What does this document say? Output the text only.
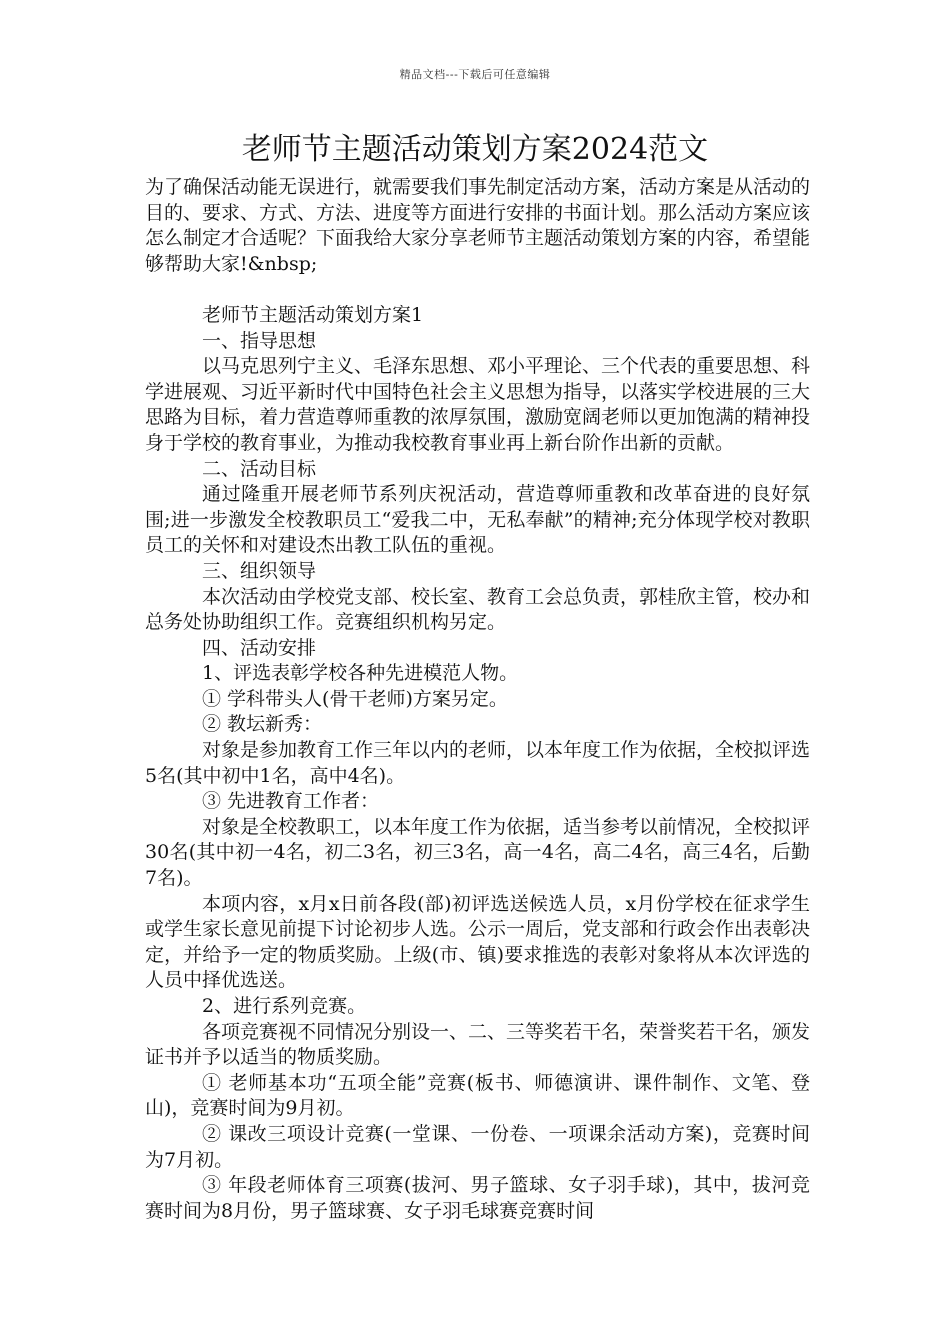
精品文档---下载后可任意编辑
老师节主题活动策划方案2024范文

为了确保活动能无误进行，就需要我们事先制定活动方案，活动方案是从活动的目的、要求、方式、方法、进度等方面进行安排的书面计划。那么活动方案应该怎么制定才合适呢？下面我给大家分享老师节主题活动策划方案的内容，希望能够帮助大家!&nbsp;

老师节主题活动策划方案1

一、指导思想

以马克思列宁主义、毛泽东思想、邓小平理论、三个代表的重要思想、科学进展观、习近平新时代中国特色社会主义思想为指导，以落实学校进展的三大思路为目标，着力营造尊师重教的浓厚氛围，激励宽阔老师以更加饱满的精神投身于学校的教育事业，为推动我校教育事业再上新台阶作出新的贡献。

二、活动目标

通过隆重开展老师节系列庆祝活动，营造尊师重教和改革奋进的良好氛围;进一步激发全校教职员工“爱我二中，无私奉献”的精神;充分体现学校对教职员工的关怀和对建设杰出教工队伍的重视。

三、组织领导

本次活动由学校党支部、校长室、教育工会总负责，郭桂欣主管，校办和总务处协助组织工作。竞赛组织机构另定。

四、活动安排

1、评选表彰学校各种先进模范人物。

① 学科带头人(骨干老师)方案另定。

② 教坛新秀：

对象是参加教育工作三年以内的老师，以本年度工作为依据，全校拟评选5名(其中初中1名，高中4名)。

③ 先进教育工作者：

对象是全校教职工，以本年度工作为依据，适当参考以前情况，全校拟评30名(其中初一4名，初二3名，初三3名，高一4名，高二4名，高三4名，后勤7名)。

本项内容，x月x日前各段(部)初评选送候选人员，x月份学校在征求学生或学生家长意见前提下讨论初步人选。公示一周后，党支部和行政会作出表彰决定，并给予一定的物质奖励。上级(市、镇)要求推选的表彰对象将从本次评选的人员中择优选送。

2、进行系列竞赛。

各项竞赛视不同情况分别设一、二、三等奖若干名，荣誉奖若干名，颁发证书并予以适当的物质奖励。

① 老师基本功“五项全能”竞赛(板书、师德演讲、课件制作、文笔、登山)，竞赛时间为9月初。

② 课改三项设计竞赛(一堂课、一份卷、一项课余活动方案)，竞赛时间为7月初。

③ 年段老师体育三项赛(拔河、男子篮球、女子羽手球)，其中，拔河竞赛时间为8月份，男子篮球赛、女子羽毛球赛竞赛时间
